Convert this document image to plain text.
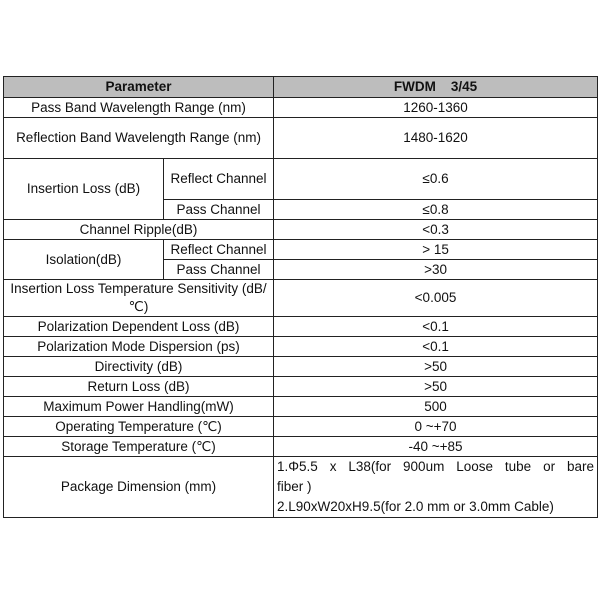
Parameter		FWDM    3/45
Pass Band Wavelength Range (nm)		1260-1360
Reflection Band Wavelength Range (nm)		1480-1620
Insertion Loss (dB)	Reflect Channel	≤0.6
	Pass Channel	≤0.8
Channel Ripple(dB)		<0.3
Isolation(dB)	Reflect Channel	> 15
	Pass Channel	>30
Insertion Loss Temperature Sensitivity (dB/℃)		<0.005
Polarization Dependent Loss (dB)		<0.1
Polarization Mode Dispersion (ps)		<0.1
Directivity (dB)		>50
Return Loss (dB)		>50
Maximum Power Handling(mW)		500
Operating Temperature (℃)		0 ~+70
Storage Temperature (℃)		-40 ~+85
Package Dimension (mm)		1.Φ5.5 x L38(for 900um Loose tube or bare
fiber )
2.L90xW20xH9.5(for 2.0 mm or 3.0mm Cable)
